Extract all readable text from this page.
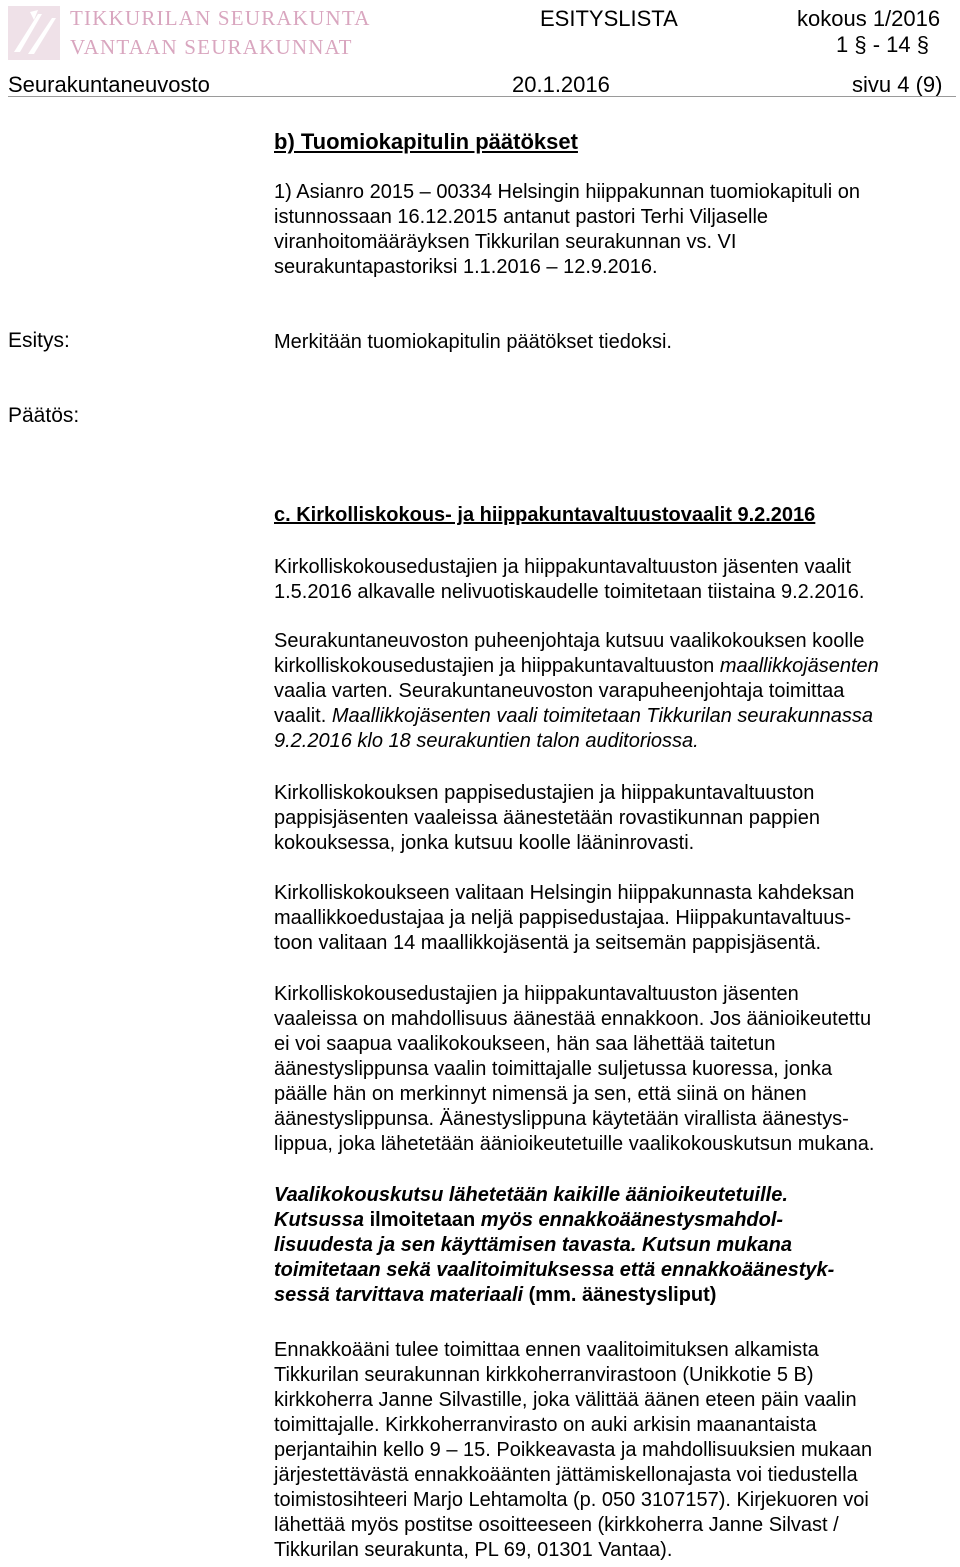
TIKKURILAN SEURAKUNTA
VANTAAN SEURAKUNNAT
ESITYSLISTA	kokous 1/2016
1 § - 14 §
Seurakuntaneuvosto	20.1.2016	sivu 4 (9)
b) Tuomiokapitulin päätökset
1) Asianro 2015 – 00334 Helsingin hiippakunnan tuomiokapituli on
istunnossaan 16.12.2015 antanut pastori Terhi Viljaselle
viranhoitomääräyksen Tikkurilan seurakunnan vs. VI
seurakuntapastoriksi 1.1.2016 – 12.9.2016.
Esitys:	Merkitään tuomiokapitulin päätökset tiedoksi.
Päätös:
c. Kirkolliskokous- ja hiippakuntavaltuustovaalit 9.2.2016
Kirkolliskokousedustajien ja hiippakuntavaltuuston jäsenten vaalit
1.5.2016 alkavalle nelivuotiskaudelle toimitetaan tiistaina 9.2.2016.
Seurakuntaneuvoston puheenjohtaja kutsuu vaalikokouksen koolle
kirkolliskokousedustajien ja hiippakuntavaltuuston maallikkojäsenten
vaalia varten. Seurakuntaneuvoston varapuheenjohtaja toimittaa
vaalit. Maallikkojäsenten vaali toimitetaan Tikkurilan seurakunnassa
9.2.2016 klo 18 seurakuntien talon auditoriossa.
Kirkolliskokouksen pappisedustajien ja hiippakuntavaltuuston
pappisjäsenten vaaleissa äänestetään rovastikunnan pappien
kokouksessa, jonka kutsuu koolle lääninrovasti.
Kirkolliskokoukseen valitaan Helsingin hiippakunnasta kahdeksan
maallikkoedustajaa ja neljä pappisedustajaa. Hiippakuntavaltuus-
toon valitaan 14 maallikkojäsentä ja seitsemän pappisjäsentä.
Kirkolliskokousedustajien ja hiippakuntavaltuuston jäsenten
vaaleissa on mahdollisuus äänestää ennakkoon. Jos äänioikeutettu
ei voi saapua vaalikokoukseen, hän saa lähettää taitetun
äänestyslippunsa vaalin toimittajalle suljetussa kuoressa, jonka
päälle hän on merkinnyt nimensä ja sen, että siinä on hänen
äänestyslippunsa. Äänestyslippuna käytetään virallista äänestys-
lippua, joka lähetetään äänioikeutetuille vaalikokouskutsun mukana.
Vaalikokouskutsu lähetetään kaikille äänioikeutetuille.
Kutsussa ilmoitetaan myös ennakkoäänestysmahdol-
lisuudesta ja sen käyttämisen tavasta. Kutsun mukana
toimitetaan sekä vaalitoimituksessa että ennakkoäänestyk-
sessä tarvittava materiaali (mm. äänestysliput)
Ennakkoääni tulee toimittaa ennen vaalitoimituksen alkamista
Tikkurilan seurakunnan kirkkoherranvirastoon (Unikkotie 5 B)
kirkkoherra Janne Silvastille, joka välittää äänen eteen päin vaalin
toimittajalle. Kirkkoherranvirasto on auki arkisin maanantaista
perjantaihin kello 9 – 15. Poikkeavasta ja mahdollisuuksien mukaan
järjestettävästä ennakkoäänten jättämiskellonajasta voi tiedustella
toimistosihteeri Marjo Lehtamolta (p. 050 3107157). Kirjekuoren voi
lähettää myös postitse osoitteeseen (kirkkoherra Janne Silvast /
Tikkurilan seurakunta, PL 69, 01301 Vantaa).
